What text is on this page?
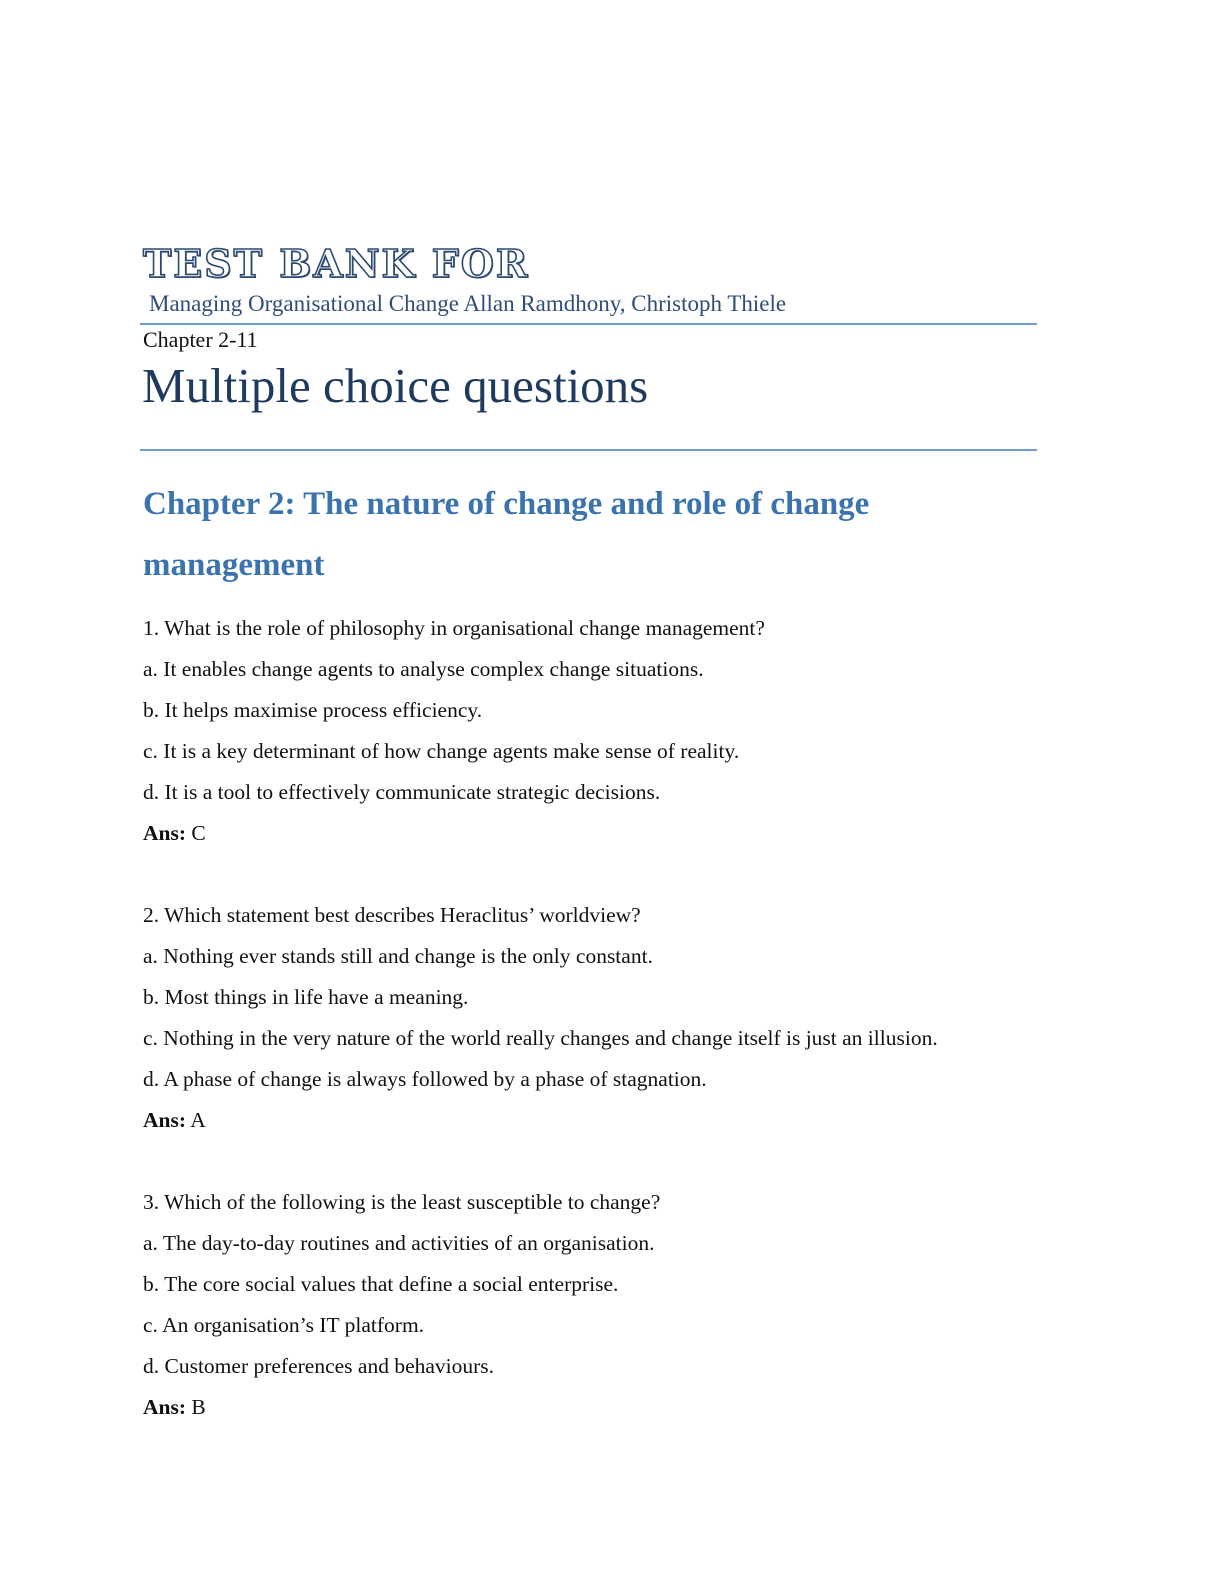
TEST BANK FOR
Managing Organisational Change Allan Ramdhony, Christoph Thiele
Chapter 2-11
Multiple choice questions
Chapter 2: The nature of change and role of change management
1. What is the role of philosophy in organisational change management?
a. It enables change agents to analyse complex change situations.
b. It helps maximise process efficiency.
c. It is a key determinant of how change agents make sense of reality.
d. It is a tool to effectively communicate strategic decisions.
Ans: C
2. Which statement best describes Heraclitus’ worldview?
a. Nothing ever stands still and change is the only constant.
b. Most things in life have a meaning.
c. Nothing in the very nature of the world really changes and change itself is just an illusion.
d. A phase of change is always followed by a phase of stagnation.
Ans: A
3. Which of the following is the least susceptible to change?
a. The day-to-day routines and activities of an organisation.
b. The core social values that define a social enterprise.
c. An organisation’s IT platform.
d. Customer preferences and behaviours.
Ans: B
